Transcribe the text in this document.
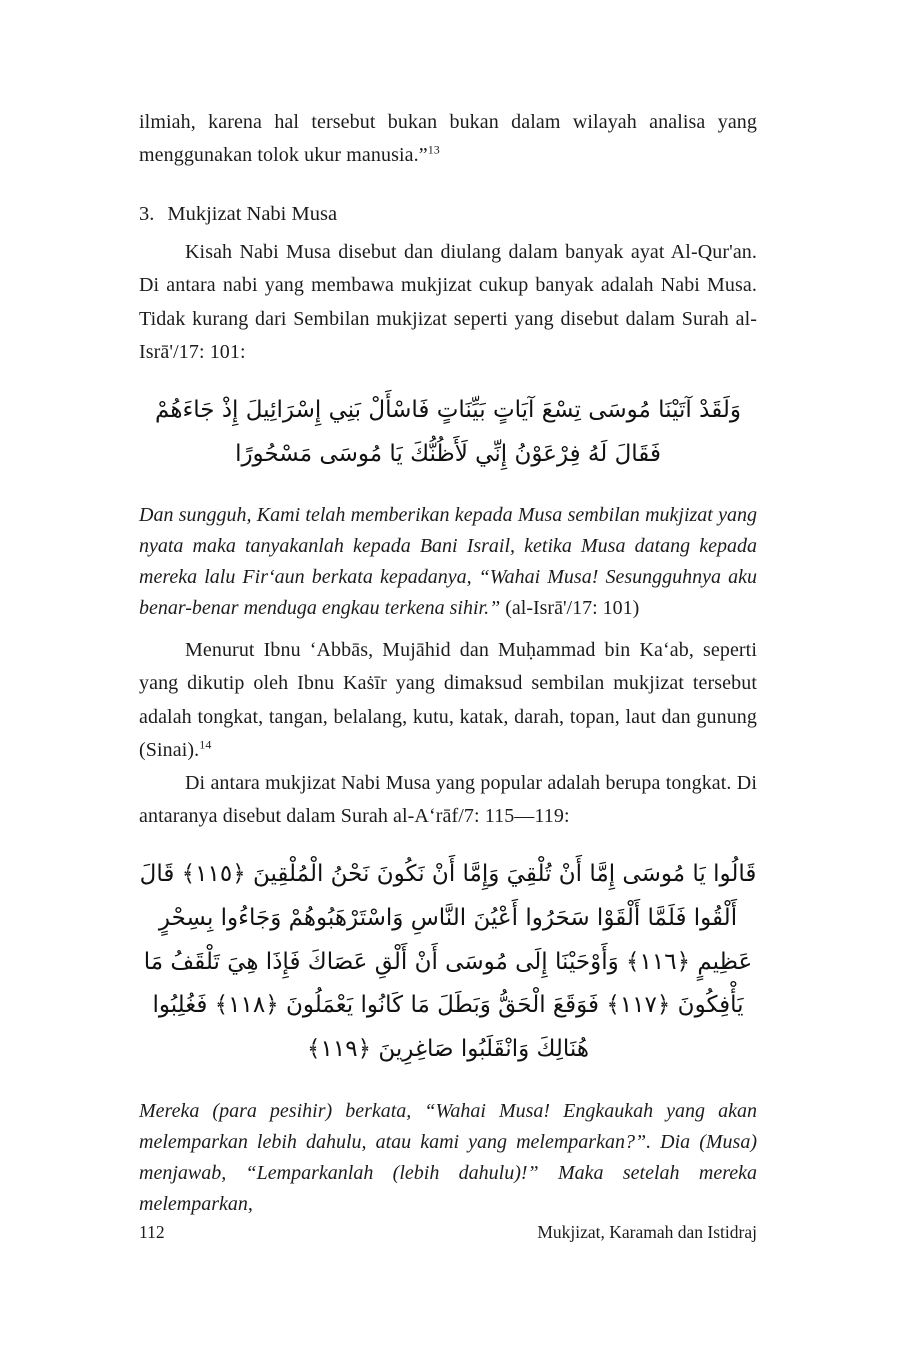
ilmiah, karena hal tersebut bukan bukan dalam wilayah analisa yang menggunakan tolok ukur manusia.”$^{13}$

3. Mukjizat Nabi Musa

Kisah Nabi Musa disebut dan diulang dalam banyak ayat Al-Qur'an. Di antara nabi yang membawa mukjizat cukup banyak adalah Nabi Musa. Tidak kurang dari Sembilan mukjizat seperti yang disebut dalam Surah al-Isrā'/17: 101:

وَلَقَدْ آتَيْنَا مُوسَى تِسْعَ آيَاتٍ بَيِّنَاتٍ فَاسْأَلْ بَنِي إِسْرَائِيلَ إِذْ جَاءَهُمْ فَقَالَ لَهُ فِرْعَوْنُ إِنِّي لَأَظُنُّكَ يَا مُوسَى مَسْحُورًا

Dan sungguh, Kami telah memberikan kepada Musa sembilan mukjizat yang nyata maka tanyakanlah kepada Bani Israil, ketika Musa datang kepada mereka lalu Fir‘aun berkata kepadanya, “Wahai Musa! Sesungguhnya aku benar-benar menduga engkau terkena sihir.” (al-Isrā'/17: 101)

Menurut Ibnu ‘Abbās, Mujāhid dan Muḥammad bin Ka‘ab, seperti yang dikutip oleh Ibnu Kaṡīr yang dimaksud sembilan mukjizat tersebut adalah tongkat, tangan, belalang, kutu, katak, darah, topan, laut dan gunung (Sinai).$^{14}$

Di antara mukjizat Nabi Musa yang popular adalah berupa tongkat. Di antaranya disebut dalam Surah al-A‘rāf/7: 115—119:

قَالُوا يَا مُوسَى إِمَّا أَنْ تُلْقِيَ وَإِمَّا أَنْ نَكُونَ نَحْنُ الْمُلْقِينَ ﴿١١٥﴾ قَالَ أَلْقُوا فَلَمَّا أَلْقَوْا سَحَرُوا أَعْيُنَ النَّاسِ وَاسْتَرْهَبُوهُمْ وَجَاءُوا بِسِحْرٍ عَظِيمٍ ﴿١١٦﴾ وَأَوْحَيْنَا إِلَى مُوسَى أَنْ أَلْقِ عَصَاكَ فَإِذَا هِيَ تَلْقَفُ مَا يَأْفِكُونَ ﴿١١٧﴾ فَوَقَعَ الْحَقُّ وَبَطَلَ مَا كَانُوا يَعْمَلُونَ ﴿١١٨﴾ فَغُلِبُوا هُنَالِكَ وَانْقَلَبُوا صَاغِرِينَ ﴿١١٩﴾

Mereka (para pesihir) berkata, “Wahai Musa! Engkaukah yang akan melemparkan lebih dahulu, atau kami yang melemparkan?”. Dia (Musa) menjawab, “Lemparkanlah (lebih dahulu)!” Maka setelah mereka melemparkan,

112	Mukjizat, Karamah dan Istidraj
